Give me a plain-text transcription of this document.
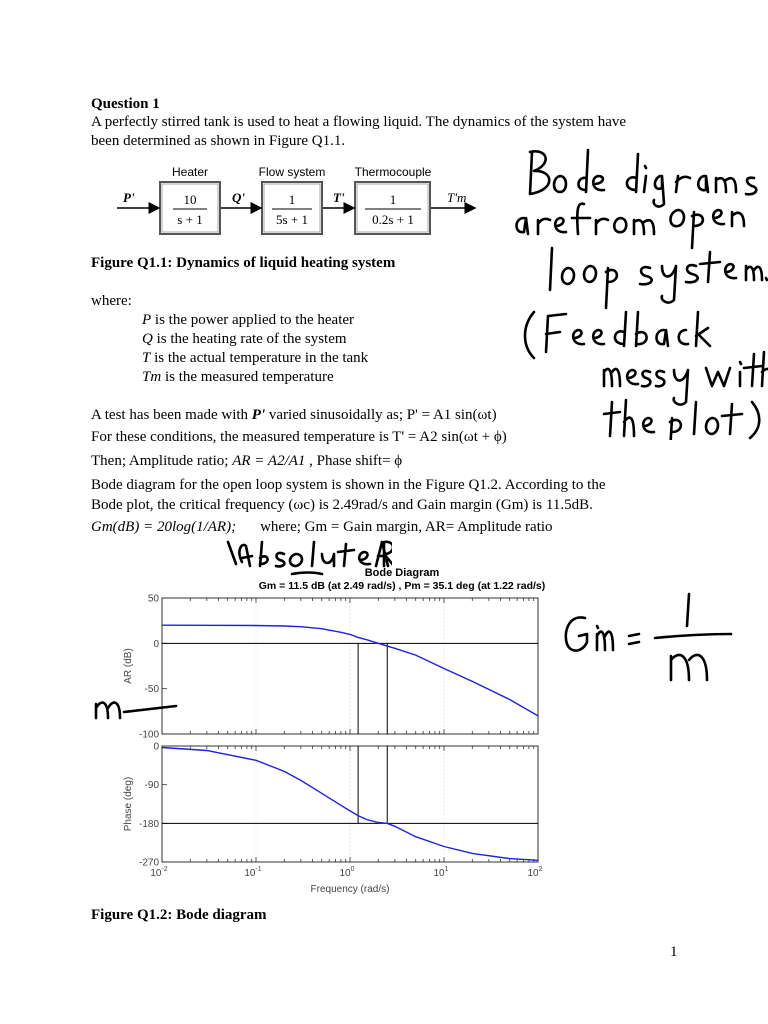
Question 1
A perfectly stirred tank is used to heat a flowing liquid. The dynamics of the system have
been determined as shown in Figure Q1.1.
Heater	Flow system Thermocouple
10
s + 1
1
5s + 1
1
0.2s + 1
P'	Q'	T'	T'm
Figure Q1.1: Dynamics of liquid heating system
where:
P is the power applied to the heater
Q is the heating rate of the system
T is the actual temperature in the tank
Tm is the measured temperature
A test has been made with P' varied sinusoidally as; P' = A1 sin(ωt)
For these conditions, the measured temperature is T' = A2 sin(ωt + ϕ)
Then; Amplitude ratio; AR = A2/A1 , Phase shift= ϕ
Bode diagram for the open loop system is shown in the Figure Q1.2. According to the
Bode plot, the critical frequency (ωc) is 2.49rad/s and Gain margin (Gm) is 11.5dB.
Gm(dB) = 20log(1/AR); where; Gm = Gain margin, AR= Amplitude ratio
Bode Diagram
Gm = 11.5 dB (at 2.49 rad/s) , Pm = 35.1 deg (at 1.22 rad/s)
50
0
-50
-100
AR (dB)
0
-90
-180
-270
Phase (deg)
$10^{-2}$	$10^{-1}$	$10^0$	$10^1$	$10^2$
Frequency (rad/s)
Figure Q1.2: Bode diagram
1
